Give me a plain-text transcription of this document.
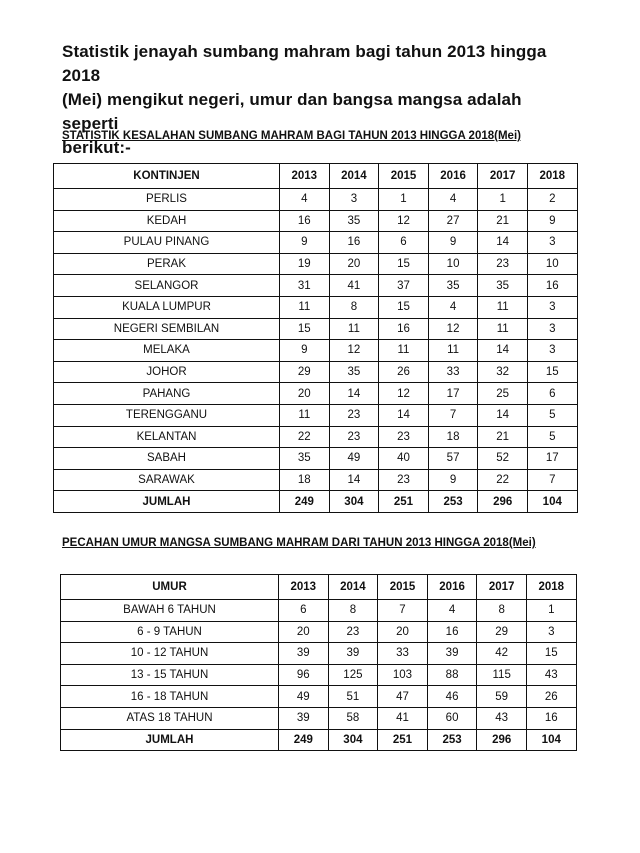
Statistik jenayah sumbang mahram bagi tahun 2013 hingga 2018
(Mei) mengikut negeri, umur dan bangsa mangsa adalah seperti
berikut:-

STATISTIK KESALAHAN SUMBANG MAHRAM BAGI TAHUN 2013 HINGGA 2018(Mei)

KONTINJEN	2013	2014	2015	2016	2017	2018
PERLIS	4	3	1	4	1	2
KEDAH	16	35	12	27	21	9
PULAU PINANG	9	16	6	9	14	3
PERAK	19	20	15	10	23	10
SELANGOR	31	41	37	35	35	16
KUALA LUMPUR	11	8	15	4	11	3
NEGERI SEMBILAN	15	11	16	12	11	3
MELAKA	9	12	11	11	14	3
JOHOR	29	35	26	33	32	15
PAHANG	20	14	12	17	25	6
TERENGGANU	11	23	14	7	14	5
KELANTAN	22	23	23	18	21	5
SABAH	35	49	40	57	52	17
SARAWAK	18	14	23	9	22	7
JUMLAH	249	304	251	253	296	104

PECAHAN UMUR MANGSA SUMBANG MAHRAM DARI TAHUN 2013 HINGGA 2018(Mei)

UMUR	2013	2014	2015	2016	2017	2018
BAWAH 6 TAHUN	6	8	7	4	8	1
6 - 9 TAHUN	20	23	20	16	29	3
10 - 12 TAHUN	39	39	33	39	42	15
13 - 15 TAHUN	96	125	103	88	115	43
16 - 18 TAHUN	49	51	47	46	59	26
ATAS 18 TAHUN	39	58	41	60	43	16
JUMLAH	249	304	251	253	296	104
